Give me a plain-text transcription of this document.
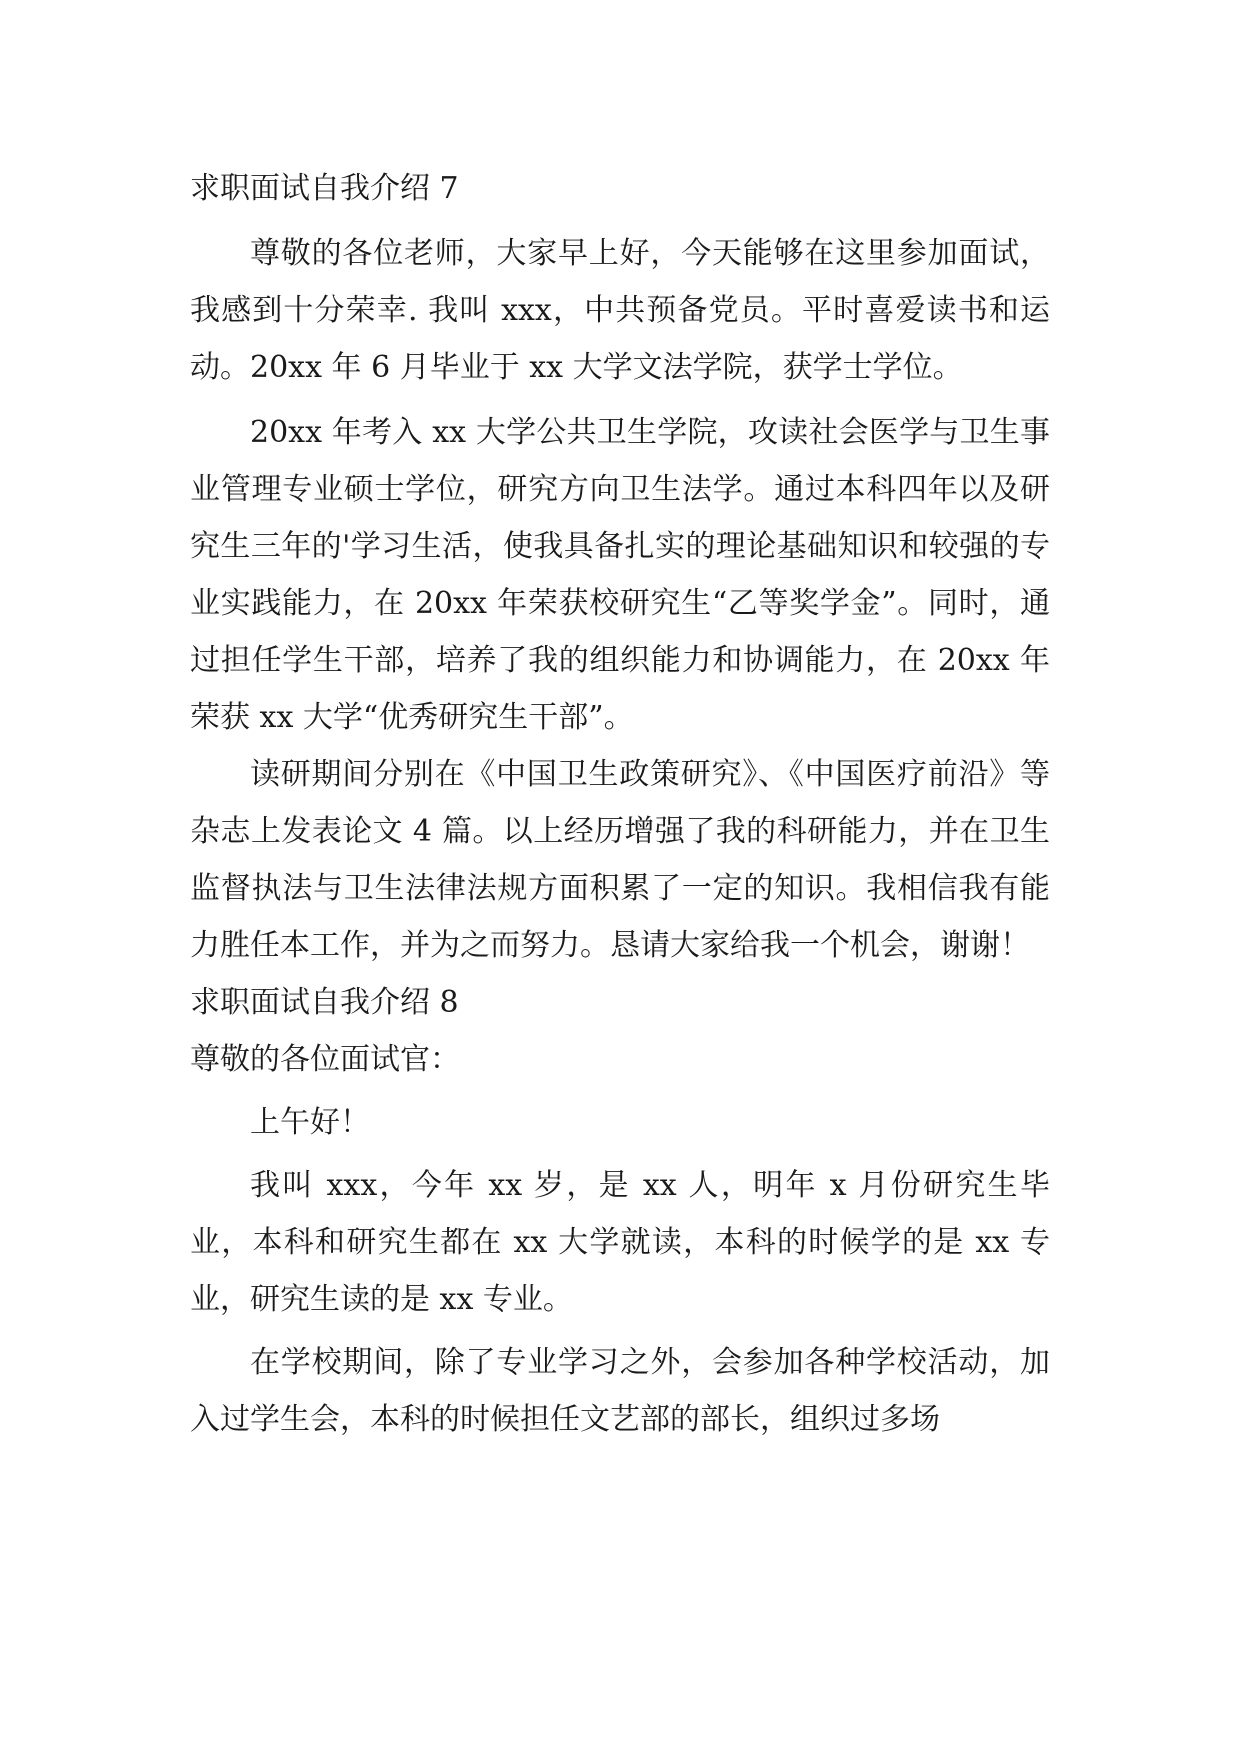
求职面试自我介绍 7

尊敬的各位老师，大家早上好，今天能够在这里参加面试，我感到十分荣幸. 我叫 xxx，中共预备党员。平时喜爱读书和运动。20xx 年 6 月毕业于 xx 大学文法学院，获学士学位。

20xx 年考入 xx 大学公共卫生学院，攻读社会医学与卫生事业管理专业硕士学位，研究方向卫生法学。通过本科四年以及研究生三年的'学习生活，使我具备扎实的理论基础知识和较强的专业实践能力，在 20xx 年荣获校研究生“乙等奖学金”。同时，通过担任学生干部，培养了我的组织能力和协调能力，在 20xx 年荣获 xx 大学“优秀研究生干部”。

读研期间分别在《中国卫生政策研究》、《中国医疗前沿》等杂志上发表论文 4 篇。以上经历增强了我的科研能力，并在卫生监督执法与卫生法律法规方面积累了一定的知识。我相信我有能力胜任本工作，并为之而努力。恳请大家给我一个机会，谢谢！

求职面试自我介绍 8

尊敬的各位面试官：

上午好！

我叫 xxx，今年 xx 岁，是 xx 人，明年 x 月份研究生毕业，本科和研究生都在 xx 大学就读，本科的时候学的是 xx 专业，研究生读的是 xx 专业。

在学校期间，除了专业学习之外，会参加各种学校活动，加入过学生会，本科的时候担任文艺部的部长，组织过多场
